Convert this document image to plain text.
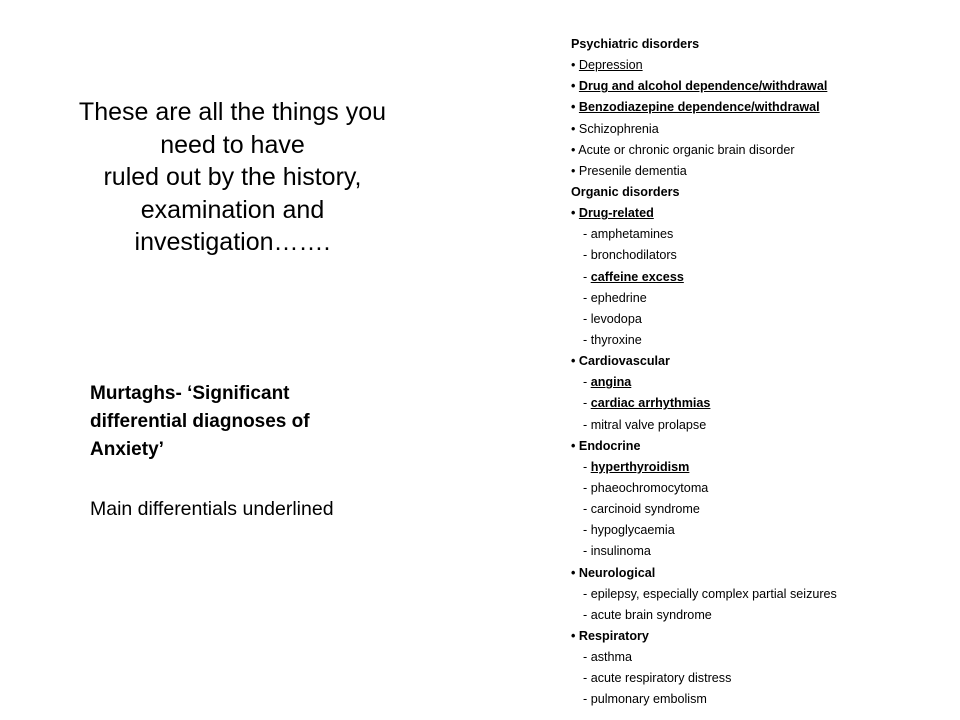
These are all the things you
need to have
ruled out by the history,
examination and
investigation…….
Murtaghs- ‘Significant
differential diagnoses of
Anxiety’
Main differentials underlined
Psychiatric disorders
• Depression
• Drug and alcohol dependence/withdrawal
• Benzodiazepine dependence/withdrawal
• Schizophrenia
• Acute or chronic organic brain disorder
• Presenile dementia
Organic disorders
• Drug-related
- amphetamines
- bronchodilators
- caffeine excess
- ephedrine
- levodopa
- thyroxine
• Cardiovascular
- angina
- cardiac arrhythmias
- mitral valve prolapse
• Endocrine
- hyperthyroidism
- phaeochromocytoma
- carcinoid syndrome
- hypoglycaemia
- insulinoma
• Neurological
- epilepsy, especially complex partial seizures
- acute brain syndrome
• Respiratory
- asthma
- acute respiratory distress
- pulmonary embolism
